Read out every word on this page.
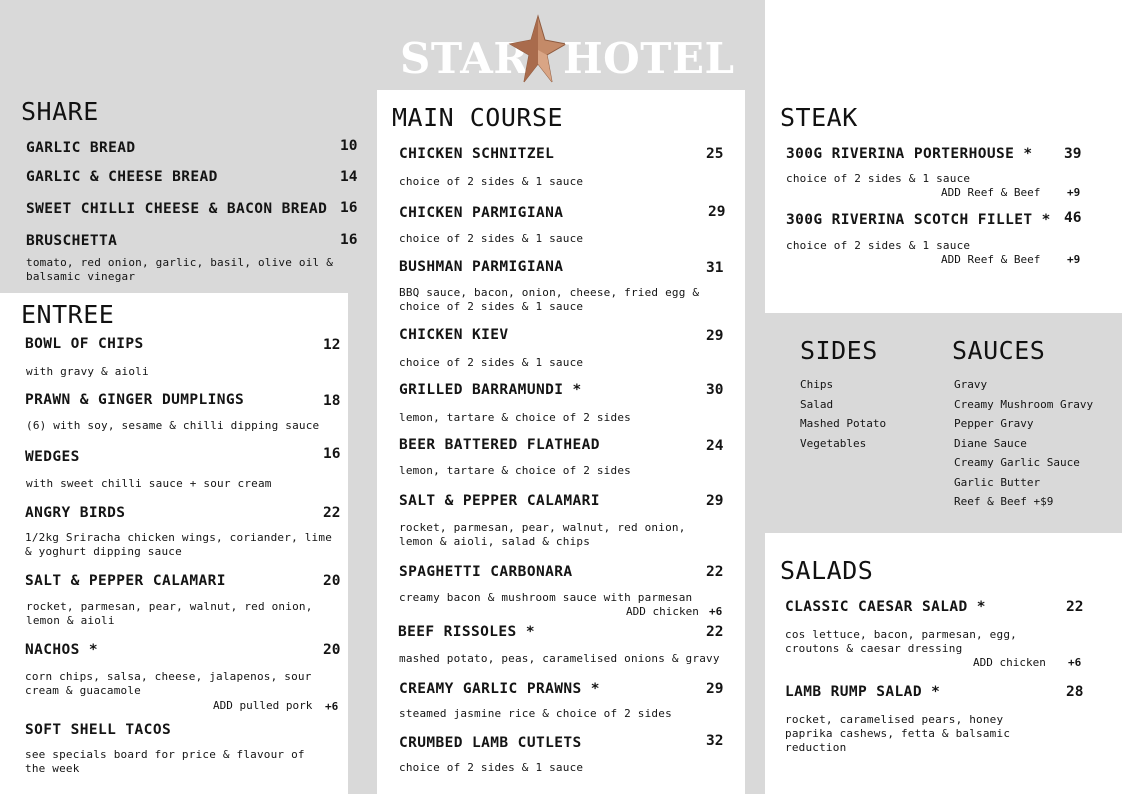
STAR HOTEL
SHARE
GARLIC BREAD	10
GARLIC & CHEESE BREAD	14
SWEET CHILLI CHEESE & BACON BREAD 16
BRUSCHETTA	16
tomato, red onion, garlic, basil, olive oil & balsamic vinegar
ENTREE
BOWL OF CHIPS	12
with gravy & aioli
PRAWN & GINGER DUMPLINGS	18
(6) with soy, sesame & chilli dipping sauce
WEDGES	16
with sweet chilli sauce + sour cream
ANGRY BIRDS	22
1/2kg Sriracha chicken wings, coriander, lime & yoghurt dipping sauce
SALT & PEPPER CALAMARI	20
rocket, parmesan, pear, walnut, red onion, lemon & aioli
NACHOS *	20
corn chips, salsa, cheese, jalapenos, sour cream & guacamole
ADD pulled pork +6
SOFT SHELL TACOS
see specials board for price & flavour of the week
MAIN COURSE
CHICKEN SCHNITZEL	25
choice of 2 sides & 1 sauce
CHICKEN PARMIGIANA	29
choice of 2 sides & 1 sauce
BUSHMAN PARMIGIANA	31
BBQ sauce, bacon, onion, cheese, fried egg & choice of 2 sides & 1 sauce
CHICKEN KIEV	29
choice of 2 sides & 1 sauce
GRILLED BARRAMUNDI *	30
lemon, tartare & choice of 2 sides
BEER BATTERED FLATHEAD	24
lemon, tartare & choice of 2 sides
SALT & PEPPER CALAMARI	29
rocket, parmesan, pear, walnut, red onion, lemon & aioli, salad & chips
SPAGHETTI CARBONARA	22
creamy bacon & mushroom sauce with parmesan
ADD chicken +6
BEEF RISSOLES *	22
mashed potato, peas, caramelised onions & gravy
CREAMY GARLIC PRAWNS *	29
steamed jasmine rice & choice of 2 sides
CRUMBED LAMB CUTLETS	32
choice of 2 sides & 1 sauce
STEAK
300G RIVERINA PORTERHOUSE * 39
choice of 2 sides & 1 sauce
ADD Reef & Beef +9
300G RIVERINA SCOTCH FILLET * 46
choice of 2 sides & 1 sauce
ADD Reef & Beef +9
SIDES
Chips
Salad
Mashed Potato
Vegetables
SAUCES
Gravy
Creamy Mushroom Gravy
Pepper Gravy
Diane Sauce
Creamy Garlic Sauce
Garlic Butter
Reef & Beef +$9
SALADS
CLASSIC CAESAR SALAD *	22
cos lettuce, bacon, parmesan, egg, croutons & caesar dressing
ADD chicken +6
LAMB RUMP SALAD *	28
rocket, caramelised pears, honey paprika cashews, fetta & balsamic reduction
